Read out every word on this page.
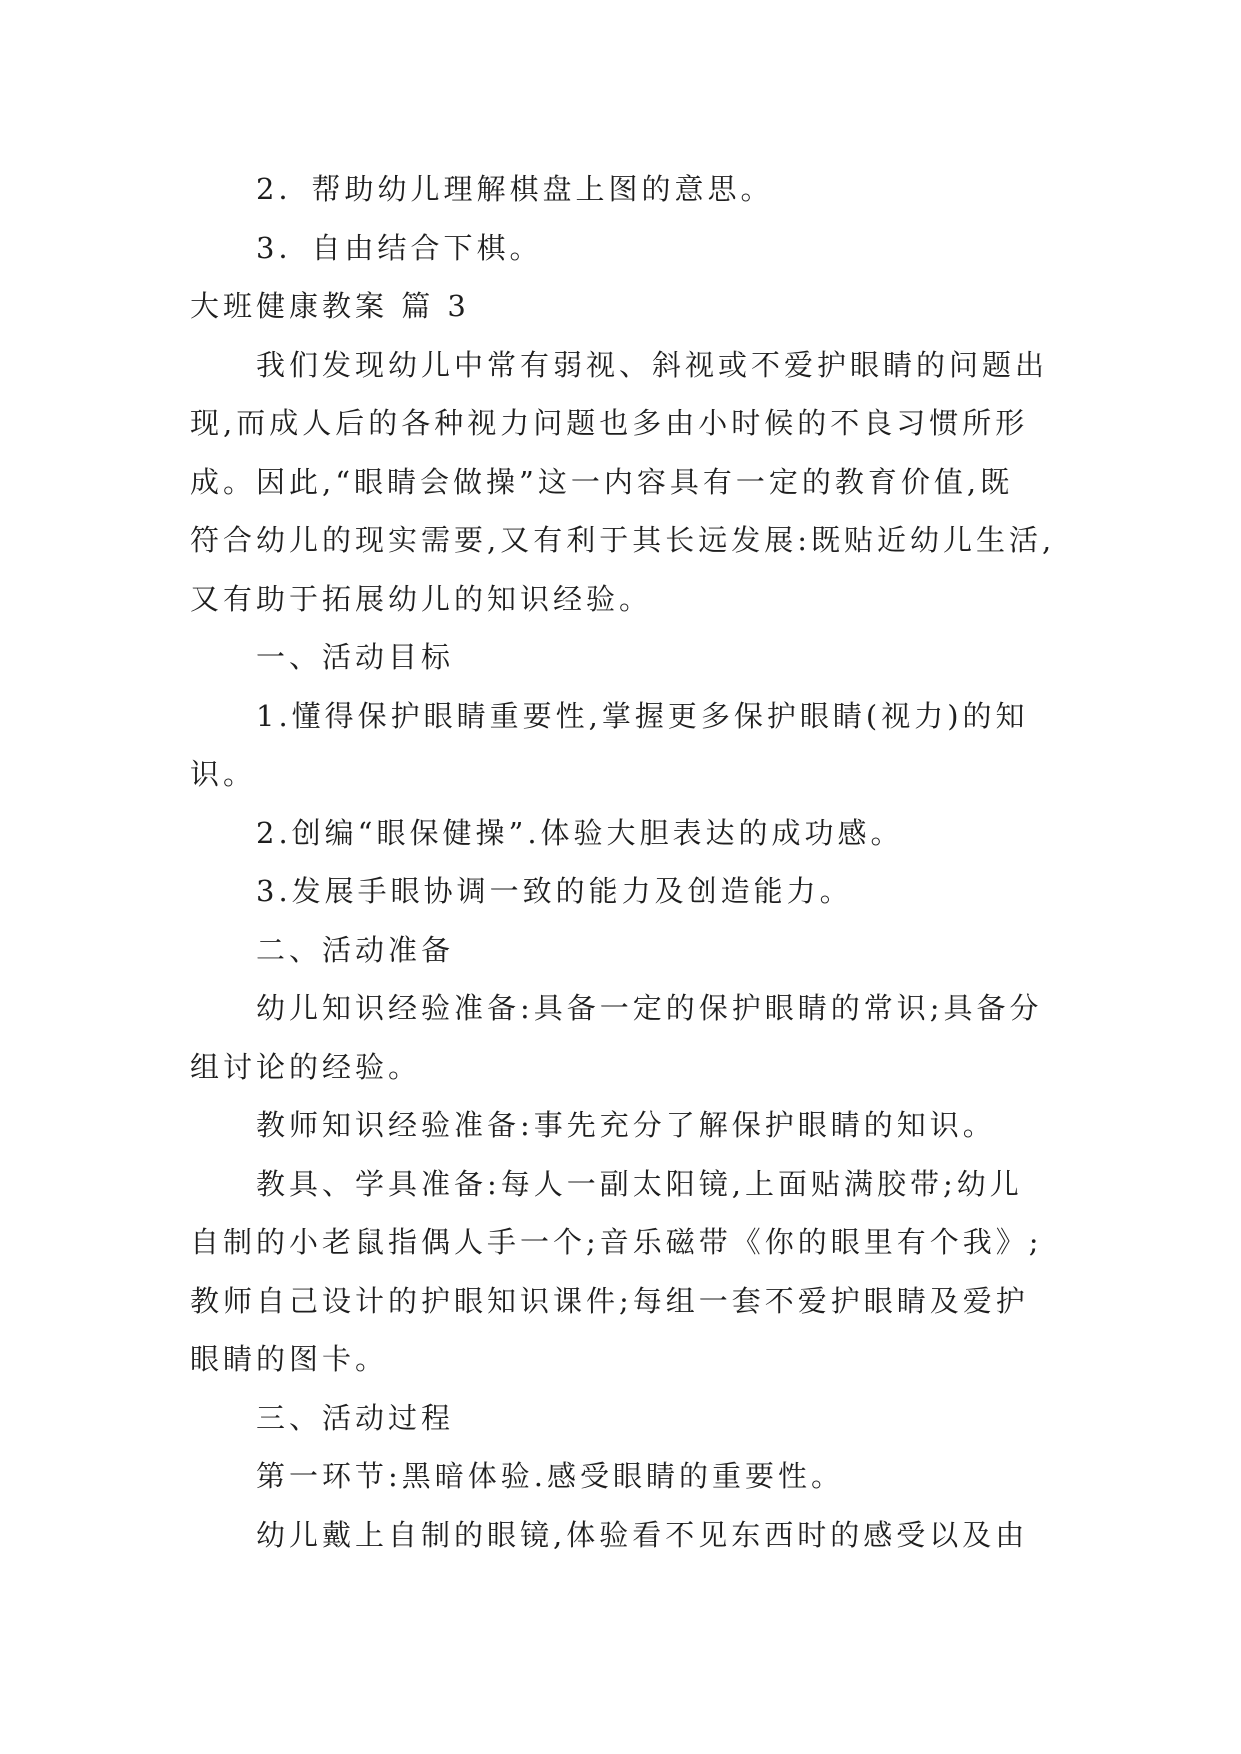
2．帮助幼儿理解棋盘上图的意思。
3．自由结合下棋。
大班健康教案 篇 3
我们发现幼儿中常有弱视、斜视或不爱护眼睛的问题出
现,而成人后的各种视力问题也多由小时候的不良习惯所形
成。因此,“眼睛会做操”这一内容具有一定的教育价值,既
符合幼儿的现实需要,又有利于其长远发展:既贴近幼儿生活,
又有助于拓展幼儿的知识经验。
一、活动目标
1.懂得保护眼睛重要性,掌握更多保护眼睛(视力)的知
识。
2.创编“眼保健操”.体验大胆表达的成功感。
3.发展手眼协调一致的能力及创造能力。
二、活动准备
幼儿知识经验准备:具备一定的保护眼睛的常识;具备分
组讨论的经验。
教师知识经验准备:事先充分了解保护眼睛的知识。
教具、学具准备:每人一副太阳镜,上面贴满胶带;幼儿
自制的小老鼠指偶人手一个;音乐磁带《你的眼里有个我》;
教师自己设计的护眼知识课件;每组一套不爱护眼睛及爱护
眼睛的图卡。
三、活动过程
第一环节:黑暗体验.感受眼睛的重要性。
幼儿戴上自制的眼镜,体验看不见东西时的感受以及由
